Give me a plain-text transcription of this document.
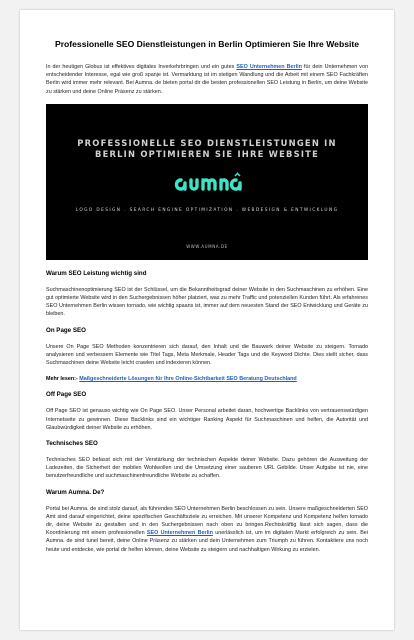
Professionelle SEO Dienstleistungen in Berlin Optimieren Sie Ihre Website

In der heutigen Globus ist effektives digitales Inverkehrbringen und ein gutes SEO Unternehmen Berlin für dein Unternehmen von entscheidender Interesse, egal wie groß spanje ist. Vermarktung ist im stetigen Wandlung und die Arbeit mit einem SEO Fachkräften Berlin wird immer mehr relevant. Bei Aumna. de bieten portal dir die besten professionellen SEO Leistung in Berlin, um deine Website zu stärken und deine Online Präsenz zu stärken.

PROFESSIONELLE SEO DIENSTLEISTUNGEN IN
BERLIN OPTIMIEREN SIE IHRE WEBSITE
LOGO DESIGN . SEARCH ENGINE OPTIMIZATION . WEBDESIGN & ENTWICKLUNG
WWW.AUMNA.DE
Warum SEO Leistung wichtig sind

Suchmaschinenoptimierung SEO ist der Schlüssel, um die Bekanntheitsgrad deiner Website in den Suchmaschinen zu erhöhen. Eine gut optimierte Website wird in den Suchergebnissen höher platziert, was zu mehr Traffic und potenziellen Kunden führt. Als erfahrenes SEO Unternehmen Berlin wissen tornado, wie wichtig spaans ist, immer auf dem neuesten Stand der SEO Entwicklung und Geräte zu bleiben.

On Page SEO

Unsere On Page SEO Methoden konzentrieren sich darauf, den Inhalt und die Bauwerk deiner Website zu steigern. Tornado analysieren und verbessern Elemente wie Titel Tags, Meta Merkmale, Header Tags und die Keyword Dichte. Dies stellt sicher, dass Suchmaschinen deine Website leicht crawlen und indexieren können.

Mehr lesen:- Maßgeschneiderte Lösungen für Ihre Online-Sichtbarkeit SEO Beratung Deutschland
Off Page SEO

Off Page SEO ist genauso wichtig wie On Page SEO. Unser Personal arbeitet daran, hochwertige Backlinks von vertrauenswürdigen Internetseite zu gewinnen. Diese Backlinks sind ein wichtiger Ranking Aspekt für Suchmaschinen und helfen, die Autorität und Glaubwürdigkeit deiner Website zu erhöhen.

Technisches SEO

Technisches SEO befasst sich mit der Verstärkung der technischen Aspekte deiner Website. Dazu gehören die Ausweitung der Ladezeiten, die Sicherheit der mobilen Wohlwollen und die Umsetzung einer sauberen URL Gebilde. Unser Aufgabe ist nie, eine benutzerfreundliche und suchmaschinenfreundliche Website zu schaffen.

Warum Aumna. De?

Portal bei Aumna. de sind stolz darauf, als führendes SEO Unternehmen Berlin beschlossen zu sein. Unsere maßgeschneiderten SEO Amt sind darauf eingerichtet, deine spezifischen Geschäftsziele zu erreichen. Mit unserer Kompetenz und Kompetenz helfen tornado dir, deine Website zu gestalten und in den Suchergebnissen nach oben zu bringen.Rechtskräftig lässt sich sagen, dass die Koordinierung mit einem professionellen SEO Unternehmen Berlin unerlässlich ist, um im digitalen Markt erfolgreich zu sein. Bei Aumna. de sind tunel bereit, deine Online Präsenz zu stärken und dein Unternehmen zum Triumph zu führen. Kontaktiere uns noch heute und entdecke, wie portal dir helfen können, deine Website zu steigern und nachhaltigen Wirkung zu erzielen.
